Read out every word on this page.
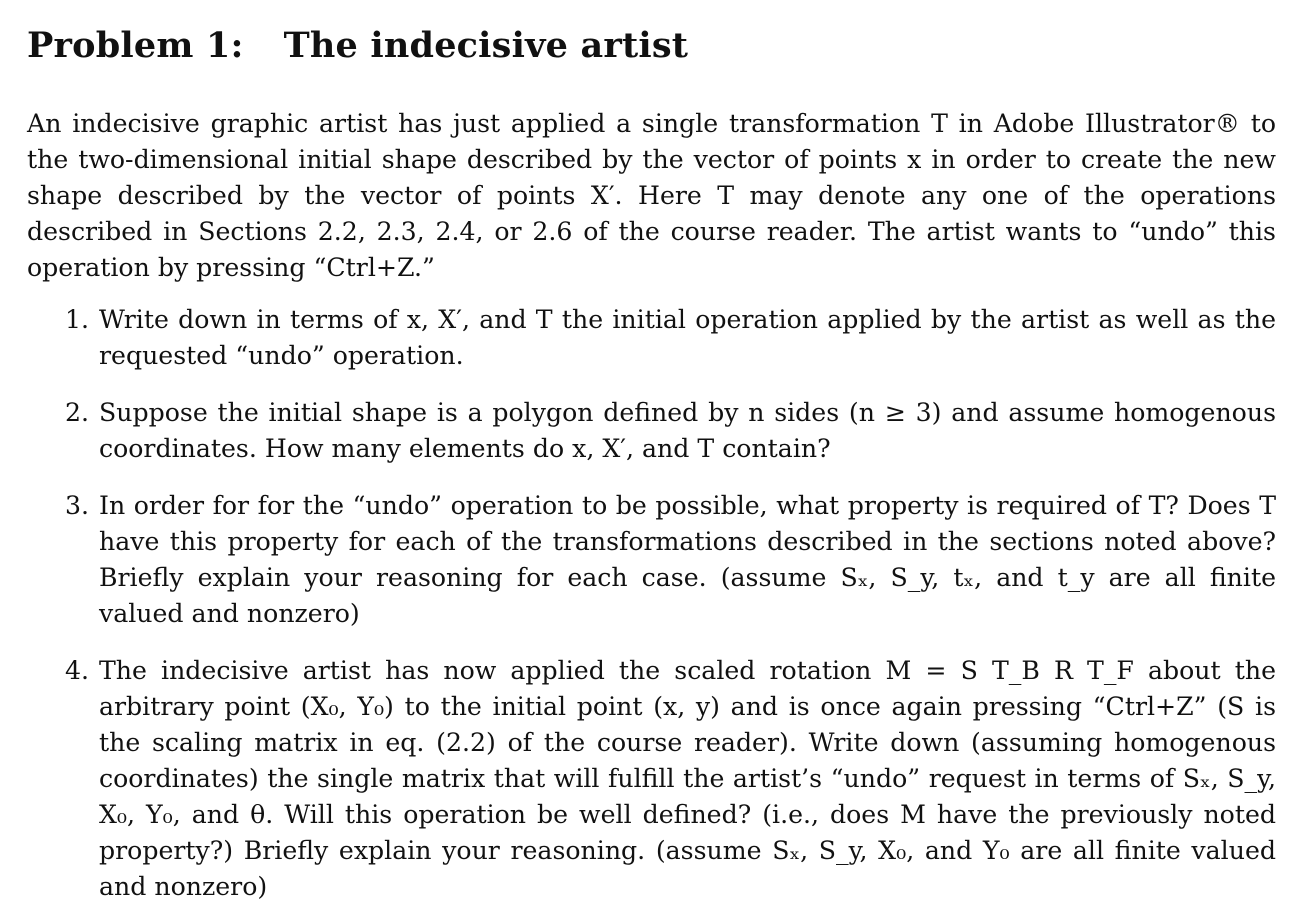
Problem 1: The indecisive artist

An indecisive graphic artist has just applied a single transformation T in Adobe Illustrator® to the two-dimensional initial shape described by the vector of points x in order to create the new shape described by the vector of points X′. Here T may denote any one of the operations described in Sections 2.2, 2.3, 2.4, or 2.6 of the course reader. The artist wants to “undo” this operation by pressing “Ctrl+Z.”

1. Write down in terms of x, X′, and T the initial operation applied by the artist as well as the requested “undo” operation.
2. Suppose the initial shape is a polygon defined by n sides (n ≥ 3) and assume homogenous coordinates. How many elements do x, X′, and T contain?
3. In order for for the “undo” operation to be possible, what property is required of T? Does T have this property for each of the transformations described in the sections noted above? Briefly explain your reasoning for each case. (assume Sₓ, S_y, tₓ, and t_y are all finite valued and nonzero)
4. The indecisive artist has now applied the scaled rotation M = S T_B R T_F about the arbitrary point (X₀, Y₀) to the initial point (x, y) and is once again pressing “Ctrl+Z” (S is the scaling matrix in eq. (2.2) of the course reader). Write down (assuming homogenous coordinates) the single matrix that will fulfill the artist’s “undo” request in terms of Sₓ, S_y, X₀, Y₀, and θ. Will this operation be well defined? (i.e., does M have the previously noted property?) Briefly explain your reasoning. (assume Sₓ, S_y, X₀, and Y₀ are all finite valued and nonzero)
